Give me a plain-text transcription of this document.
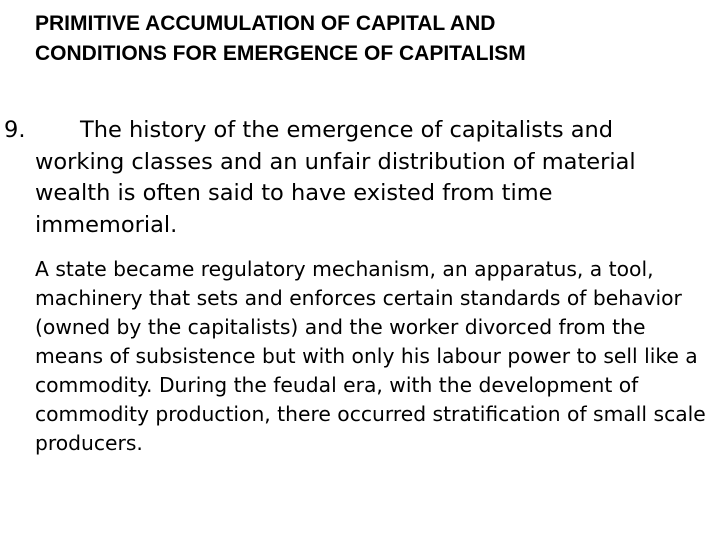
PRIMITIVE ACCUMULATION OF CAPITAL AND
CONDITIONS FOR EMERGENCE OF CAPITALISM
9.	The history of the emergence of capitalists and working classes and an unfair distribution of material wealth is often said to have existed from time immemorial.

A state became regulatory mechanism, an apparatus, a tool, machinery that sets and enforces certain standards of behavior (owned by the capitalists) and the worker divorced from the means of subsistence but with only his labour power to sell like a commodity. During the feudal era, with the development of commodity production, there occurred stratification of small scale producers.
